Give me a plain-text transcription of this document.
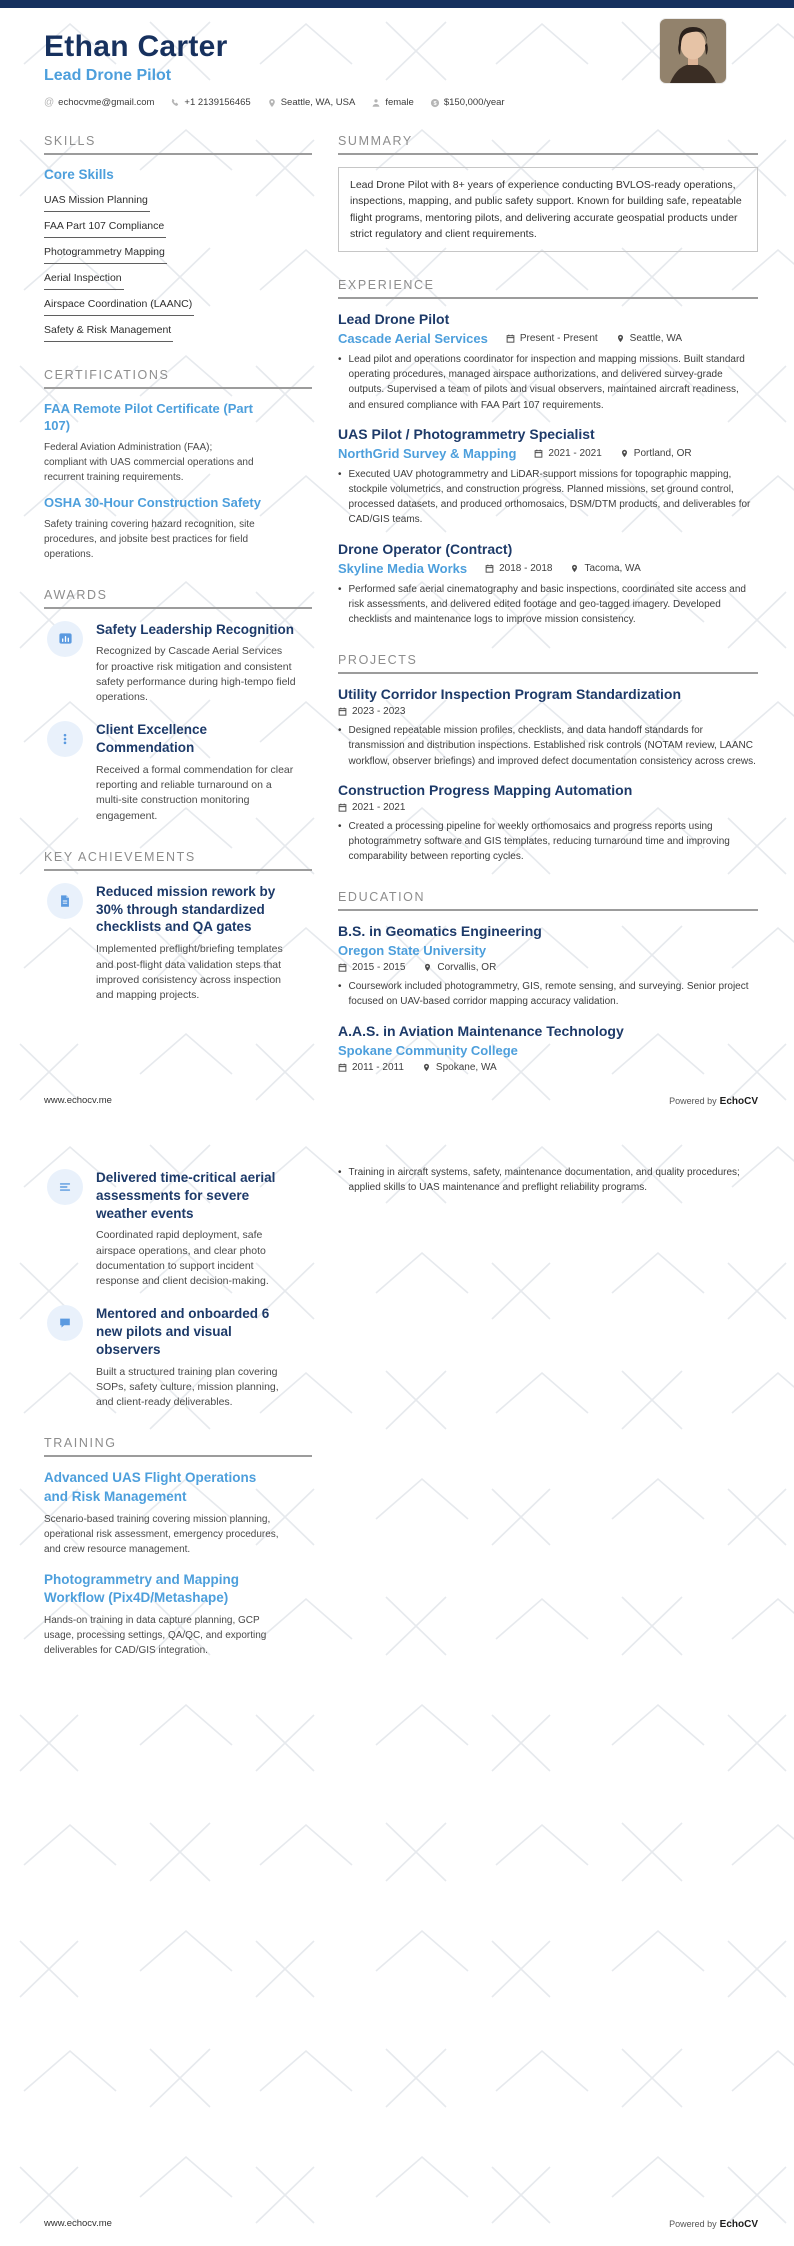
Ethan Carter
Lead Drone Pilot
@ echocvme@gmail.com	+1 2139156465	Seattle, WA, USA	female $ $150,000/year
SKILLS
Core Skills
UAS Mission Planning
FAA Part 107 Compliance
Photogrammetry Mapping
Aerial Inspection
Airspace Coordination (LAANC)
Safety & Risk Management
CERTIFICATIONS
FAA Remote Pilot Certificate (Part 107)
Federal Aviation Administration (FAA); compliant with UAS commercial operations and recurrent training requirements.
OSHA 30-Hour Construction Safety
Safety training covering hazard recognition, site procedures, and jobsite best practices for field operations.
AWARDS
Safety Leadership Recognition
Recognized by Cascade Aerial Services for proactive risk mitigation and consistent safety performance during high-tempo field operations.
Client Excellence Commendation
Received a formal commendation for clear reporting and reliable turnaround on a multi-site construction monitoring engagement.
KEY ACHIEVEMENTS
Reduced mission rework by 30% through standardized checklists and QA gates
Implemented preflight/briefing templates and post-flight data validation steps that improved consistency across inspection and mapping projects.
SUMMARY
Lead Drone Pilot with 8+ years of experience conducting BVLOS-ready operations, inspections, mapping, and public safety support. Known for building safe, repeatable flight programs, mentoring pilots, and delivering accurate geospatial products under strict regulatory and client requirements.
EXPERIENCE
Lead Drone Pilot
Cascade Aerial Services	Present - Present	Seattle, WA
• Lead pilot and operations coordinator for inspection and mapping missions. Built standard operating procedures, managed airspace authorizations, and delivered survey-grade outputs. Supervised a team of pilots and visual observers, maintained aircraft readiness, and ensured compliance with FAA Part 107 requirements.
UAS Pilot / Photogrammetry Specialist
NorthGrid Survey & Mapping	2021 - 2021	Portland, OR
• Executed UAV photogrammetry and LiDAR-support missions for topographic mapping, stockpile volumetrics, and construction progress. Planned missions, set ground control, processed datasets, and produced orthomosaics, DSM/DTM products, and deliverables for CAD/GIS teams.
Drone Operator (Contract)
Skyline Media Works	2018 - 2018	Tacoma, WA
• Performed safe aerial cinematography and basic inspections, coordinated site access and risk assessments, and delivered edited footage and geo-tagged imagery. Developed checklists and maintenance logs to improve mission consistency.
PROJECTS
Utility Corridor Inspection Program Standardization
2023 - 2023
• Designed repeatable mission profiles, checklists, and data handoff standards for transmission and distribution inspections. Established risk controls (NOTAM review, LAANC workflow, observer briefings) and improved defect documentation consistency across crews.
Construction Progress Mapping Automation
2021 - 2021
• Created a processing pipeline for weekly orthomosaics and progress reports using photogrammetry software and GIS templates, reducing turnaround time and improving comparability between reporting cycles.
EDUCATION
B.S. in Geomatics Engineering
Oregon State University
2015 - 2015	Corvallis, OR
• Coursework included photogrammetry, GIS, remote sensing, and surveying. Senior project focused on UAV-based corridor mapping accuracy validation.
A.A.S. in Aviation Maintenance Technology
Spokane Community College
2011 - 2011	Spokane, WA
www.echocv.me	Powered by EchoCV
Delivered time-critical aerial assessments for severe weather events
Coordinated rapid deployment, safe airspace operations, and clear photo documentation to support incident response and client decision-making.
Mentored and onboarded 6 new pilots and visual observers
Built a structured training plan covering SOPs, safety culture, mission planning, and client-ready deliverables.
TRAINING
Advanced UAS Flight Operations and Risk Management
Scenario-based training covering mission planning, operational risk assessment, emergency procedures, and crew resource management.
Photogrammetry and Mapping Workflow (Pix4D/Metashape)
Hands-on training in data capture planning, GCP usage, processing settings, QA/QC, and exporting deliverables for CAD/GIS integration.
• Training in aircraft systems, safety, maintenance documentation, and quality procedures; applied skills to UAS maintenance and preflight reliability programs.
www.echocv.me	Powered by EchoCV
